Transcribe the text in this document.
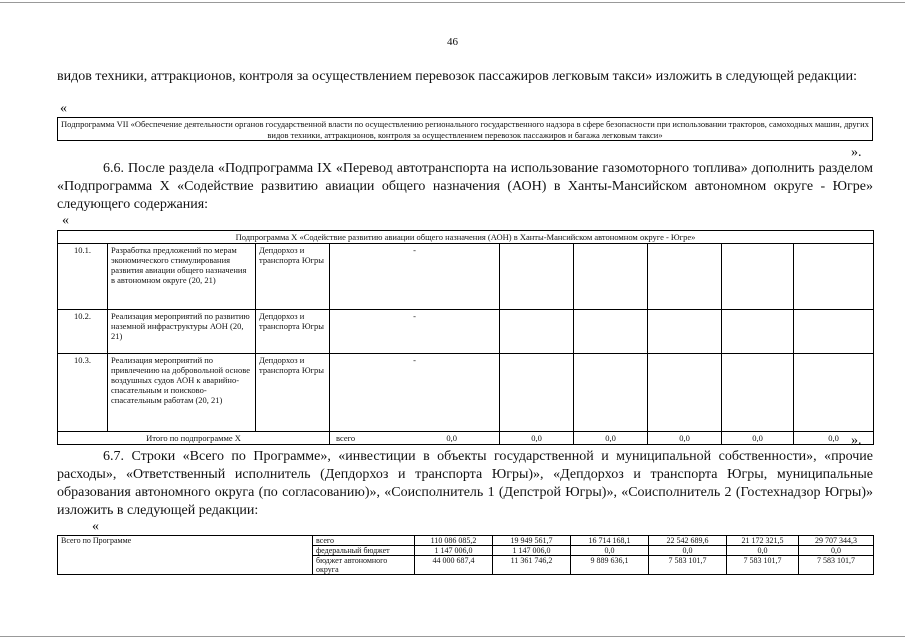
46
видов техники, аттракционов, контроля за осуществлением перевозок пассажиров легковым такси» изложить в следующей редакции:
«
Подпрограмма VII «Обеспечение деятельности органов государственной власти по осуществлению регионального государственного надзора в сфере безопасности при использовании тракторов, самоходных машин, других видов техники, аттракционов, контроля за осуществлением перевозок пассажиров и багажа легковым такси»
».
6.6. После раздела «Подпрограмма IX «Перевод автотранспорта на использование газомоторного топлива» дополнить разделом «Подпрограмма X «Содействие развитию авиации общего назначения (АОН) в Ханты-Мансийском автономном округе - Югре» следующего содержания:
«
Подпрограмма X «Содействие развитию авиации общего назначения (АОН) в Ханты-Мансийском автономном округе - Югре»								
10.1.	Разработка предложений по мерам экономического стимулирования развития авиации общего назначения в автономном округе (20, 21)	Депдорхоз и транспорта Югры	-					
10.2.	Реализация мероприятий по развитию наземной инфраструктуры АОН (20, 21)	Депдорхоз и транспорта Югры	-					
10.3.	Реализация мероприятий по привлечению на добровольной основе воздушных судов АОН к аварийно-спасательным и поисково-спасательным работам (20, 21)	Депдорхоз и транспорта Югры	-					
Итого по подпрограмме X			всего 0,0	0,0	0,0	0,0	0,0	0,0 ».
6.7. Строки «Всего по Программе», «инвестиции в объекты государственной и муниципальной собственности», «прочие расходы», «Ответственный исполнитель (Депдорхоз и транспорта Югры)», «Депдорхоз и транспорта Югры, муниципальные образования автономного округа (по согласованию)», «Соисполнитель 1 (Депстрой Югры)», «Соисполнитель 2 (Гостехнадзор Югры)» изложить в следующей редакции:
«
Всего по Программе	всего	110 086 085,2	19 949 561,7	16 714 168,1	22 542 689,6	21 172 321,5	29 707 344,3
	федеральный бюджет	1 147 006,0	1 147 006,0	0,0	0,0	0,0	0,0
	бюджет автономного округа	44 000 687,4	11 361 746,2	9 889 636,1	7 583 101,7	7 583 101,7	7 583 101,7
